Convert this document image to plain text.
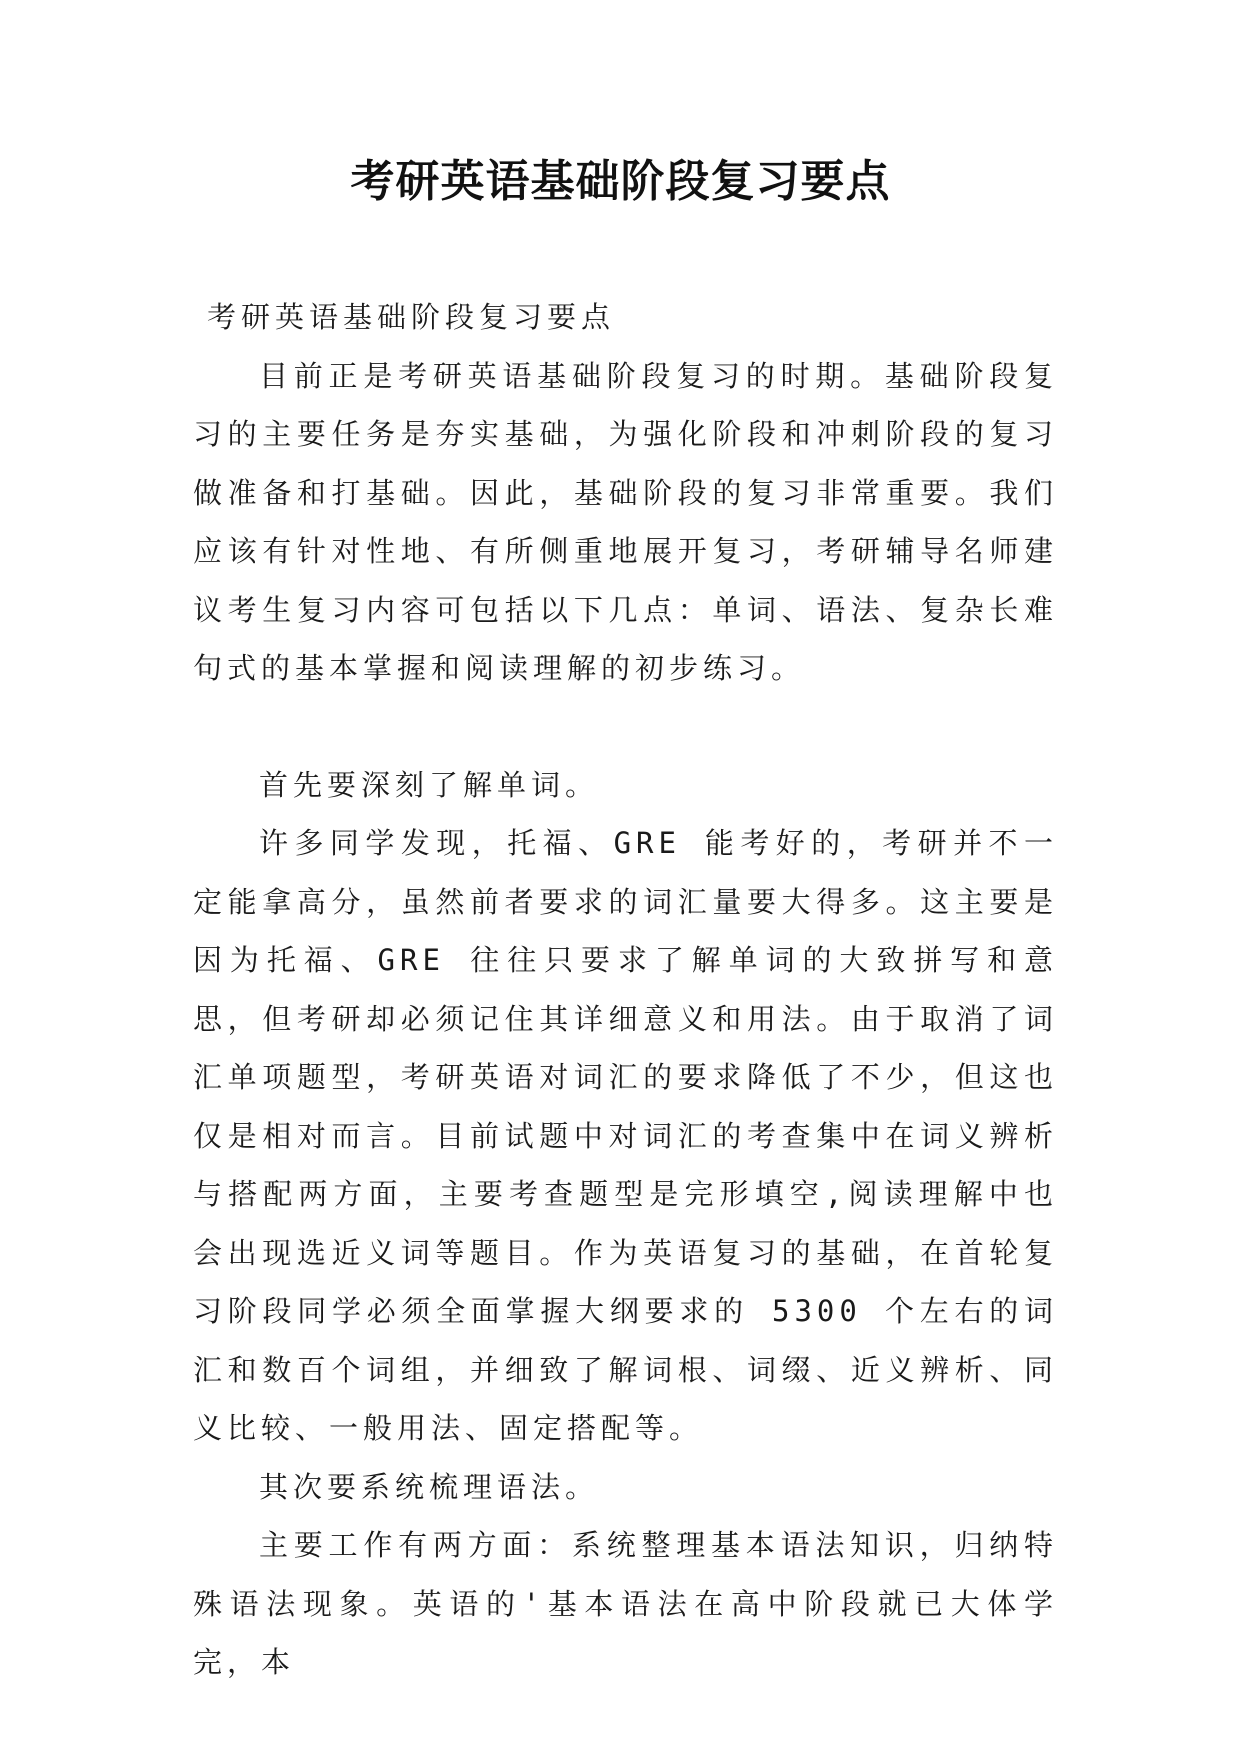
考研英语基础阶段复习要点

考研英语基础阶段复习要点

目前正是考研英语基础阶段复习的时期。基础阶段复习的主要任务是夯实基础，为强化阶段和冲刺阶段的复习做准备和打基础。因此，基础阶段的复习非常重要。我们应该有针对性地、有所侧重地展开复习，考研辅导名师建议考生复习内容可包括以下几点：单词、语法、复杂长难句式的基本掌握和阅读理解的初步练习。

首先要深刻了解单词。

许多同学发现，托福、GRE 能考好的，考研并不一定能拿高分，虽然前者要求的词汇量要大得多。这主要是因为托福、GRE 往往只要求了解单词的大致拼写和意思，但考研却必须记住其详细意义和用法。由于取消了词汇单项题型，考研英语对词汇的要求降低了不少，但这也仅是相对而言。目前试题中对词汇的考查集中在词义辨析与搭配两方面，主要考查题型是完形填空,阅读理解中也会出现选近义词等题目。作为英语复习的基础，在首轮复习阶段同学必须全面掌握大纲要求的 5300 个左右的词汇和数百个词组，并细致了解词根、词缀、近义辨析、同义比较、一般用法、固定搭配等。

其次要系统梳理语法。

主要工作有两方面：系统整理基本语法知识，归纳特殊语法现象。英语的'基本语法在高中阶段就已大体学完，本
